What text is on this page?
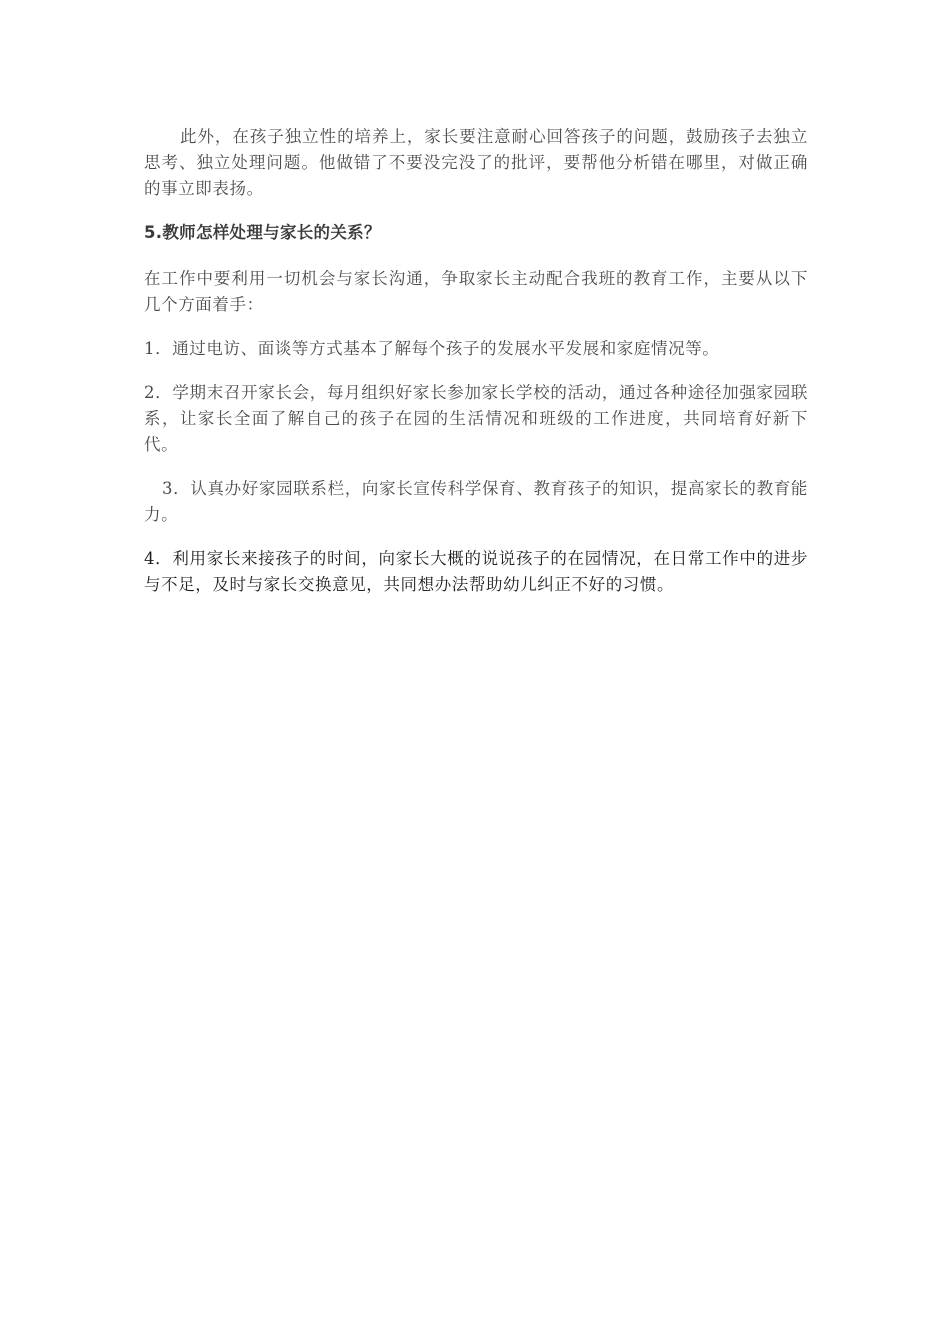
此外，在孩子独立性的培养上，家长要注意耐心回答孩子的问题，鼓励孩子去独立思考、独立处理问题。他做错了不要没完没了的批评，要帮他分析错在哪里，对做正确的事立即表扬。

5.教师怎样处理与家长的关系？

在工作中要利用一切机会与家长沟通，争取家长主动配合我班的教育工作，主要从以下几个方面着手：

1．通过电访、面谈等方式基本了解每个孩子的发展水平发展和家庭情况等。

2．学期末召开家长会，每月组织好家长参加家长学校的活动，通过各种途径加强家园联系，让家长全面了解自己的孩子在园的生活情况和班级的工作进度，共同培育好新下代。

3．认真办好家园联系栏，向家长宣传科学保育、教育孩子的知识，提高家长的教育能力。

4．利用家长来接孩子的时间，向家长大概的说说孩子的在园情况，在日常工作中的进步与不足，及时与家长交换意见，共同想办法帮助幼儿纠正不好的习惯。
